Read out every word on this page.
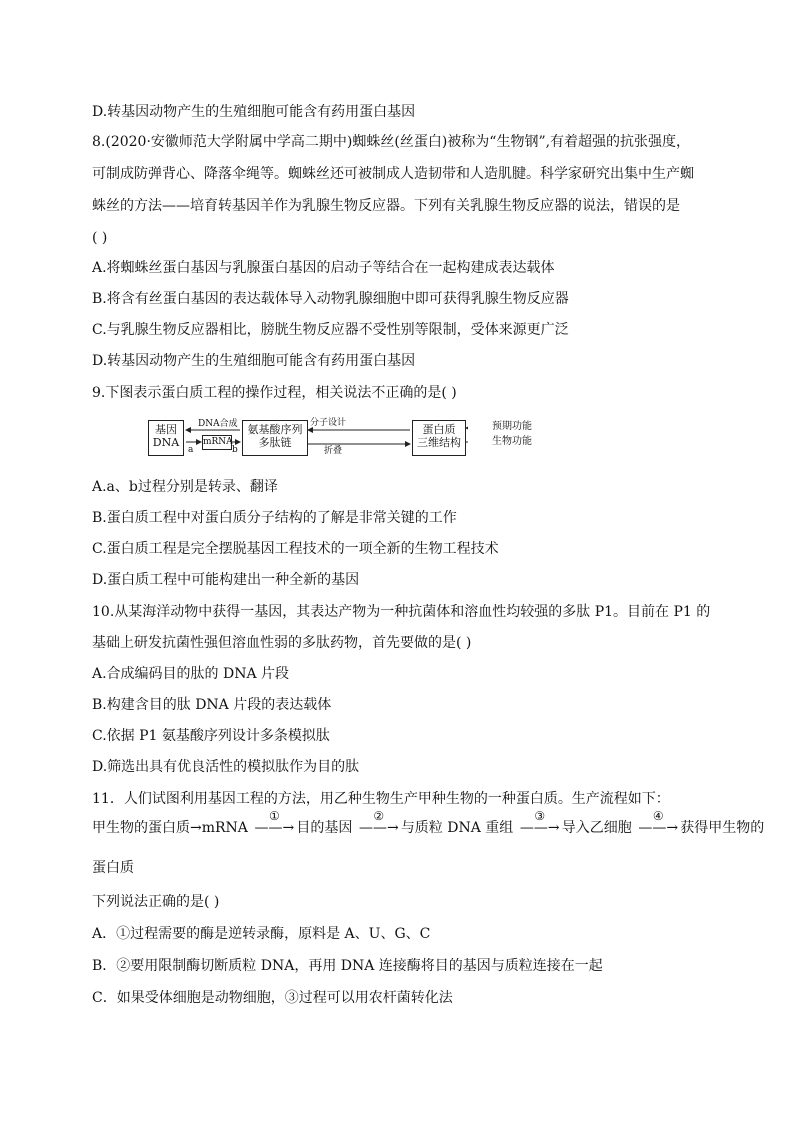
D.转基因动物产生的生殖细胞可能含有药用蛋白基因
8.(2020·安徽师范大学附属中学高二期中)蜘蛛丝(丝蛋白)被称为“生物钢”,有着超强的抗张强度，
可制成防弹背心、降落伞绳等。蜘蛛丝还可被制成人造韧带和人造肌腱。科学家研究出集中生产蜘
蛛丝的方法——培育转基因羊作为乳腺生物反应器。下列有关乳腺生物反应器的说法，错误的是
( )
A.将蜘蛛丝蛋白基因与乳腺蛋白基因的启动子等结合在一起构建成表达载体
B.将含有丝蛋白基因的表达载体导入动物乳腺细胞中即可获得乳腺生物反应器
C.与乳腺生物反应器相比，膀胱生物反应器不受性别等限制，受体来源更广泛
D.转基因动物产生的生殖细胞可能含有药用蛋白基因
9.下图表示蛋白质工程的操作过程，相关说法不正确的是( )
A.a、b过程分别是转录、翻译
B.蛋白质工程中对蛋白质分子结构的了解是非常关键的工作
C.蛋白质工程是完全摆脱基因工程技术的一项全新的生物工程技术
D.蛋白质工程中可能构建出一种全新的基因
10.从某海洋动物中获得一基因，其表达产物为一种抗菌体和溶血性均较强的多肽 P1。目前在 P1 的
基础上研发抗菌性强但溶血性弱的多肽药物，首先要做的是( )
A.合成编码目的肽的 DNA 片段
B.构建含目的肽 DNA 片段的表达载体
C.依据 P1 氨基酸序列设计多条模拟肽
D.筛选出具有优良活性的模拟肽作为目的肽
11．人们试图利用基因工程的方法，用乙种生物生产甲种生物的一种蛋白质。生产流程如下：
甲生物的蛋白质→mRNA
①
——→ 目的基因
②
——→ 与质粒 DNA 重组
③
——→ 导入乙细胞
④
——→ 获得甲生物的
蛋白质
下列说法正确的是( )
A．①过程需要的酶是逆转录酶，原料是 A、U、G、C
B．②要用限制酶切断质粒 DNA，再用 DNA 连接酶将目的基因与质粒连接在一起
C．如果受体细胞是动物细胞，③过程可以用农杆菌转化法
基因
DNA
DNA合成
mRNA
a	b
氨基酸序列
多肽链
分子设计
折叠
蛋白质
三维结构
预期功能
生物功能
